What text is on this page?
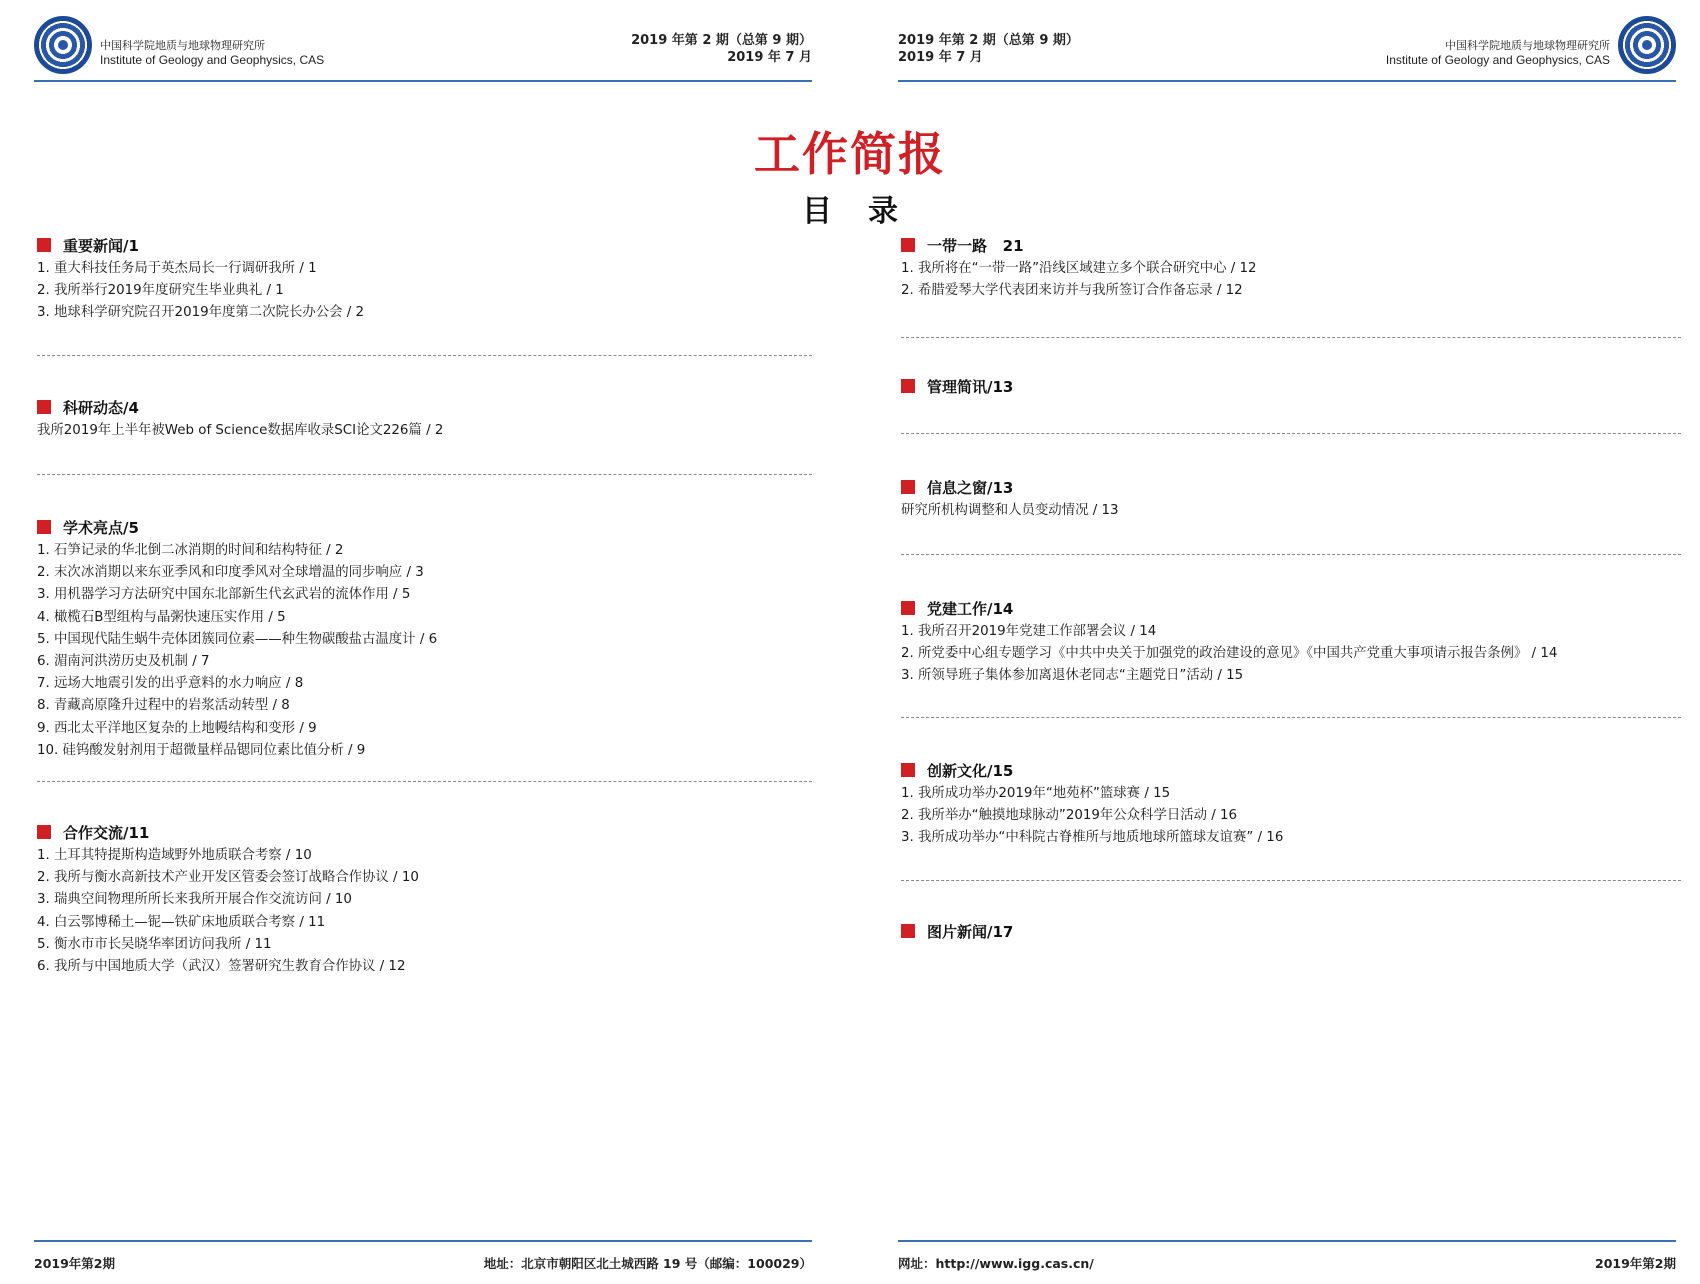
中国科学院地质与地球物理研究所
Institute of Geology and Geophysics, CAS
2019 年第 2 期（总第 9 期）
2019 年 7 月
重要新闻/1
1. 重大科技任务局于英杰局长一行调研我所 / 1
2. 我所举行2019年度研究生毕业典礼 / 1
3. 地球科学研究院召开2019年度第二次院长办公会 / 2
科研动态/4
我所2019年上半年被Web of Science数据库收录SCI论文226篇 / 2
学术亮点/5
1. 石笋记录的华北倒二冰消期的时间和结构特征 / 2
2. 末次冰消期以来东亚季风和印度季风对全球增温的同步响应 / 3
3. 用机器学习方法研究中国东北部新生代玄武岩的流体作用 / 5
4. 橄榄石B型组构与晶粥快速压实作用 / 5
5. 中国现代陆生蜗牛壳体团簇同位素——种生物碳酸盐古温度计 / 6
6. 湄南河洪涝历史及机制 / 7
7. 远场大地震引发的出乎意料的水力响应 / 8
8. 青藏高原隆升过程中的岩浆活动转型 / 8
9. 西北太平洋地区复杂的上地幔结构和变形 / 9
10. 硅钨酸发射剂用于超微量样品锶同位素比值分析 / 9
合作交流/11
1. 土耳其特提斯构造域野外地质联合考察 / 10
2. 我所与衡水高新技术产业开发区管委会签订战略合作协议 / 10
3. 瑞典空间物理所所长来我所开展合作交流访问 / 10
4. 白云鄂博稀土—铌—铁矿床地质联合考察 / 11
5. 衡水市市长吴晓华率团访问我所 / 11
6. 我所与中国地质大学（武汉）签署研究生教育合作协议 / 12
2019年第2期	地址：北京市朝阳区北土城西路 19 号（邮编：100029）
2019 年第 2 期（总第 9 期）
2019 年 7 月
中国科学院地质与地球物理研究所
Institute of Geology and Geophysics, CAS
一带一路   21
1. 我所将在“一带一路”沿线区域建立多个联合研究中心 / 12
2. 希腊爱琴大学代表团来访并与我所签订合作备忘录 / 12
管理简讯/13
信息之窗/13
研究所机构调整和人员变动情况 / 13
党建工作/14
1. 我所召开2019年党建工作部署会议 / 14
2. 所党委中心组专题学习《中共中央关于加强党的政治建设的意见》《中国共产党重大事项请示报告条例》 / 14
3. 所领导班子集体参加离退休老同志“主题党日”活动 / 15
创新文化/15
1. 我所成功举办2019年“地苑杯”篮球赛 / 15
2. 我所举办“触摸地球脉动”2019年公众科学日活动 / 16
3. 我所成功举办“中科院古脊椎所与地质地球所篮球友谊赛” / 16
图片新闻/17
网址：http://www.igg.cas.cn/	2019年第2期
工作简报
目录
